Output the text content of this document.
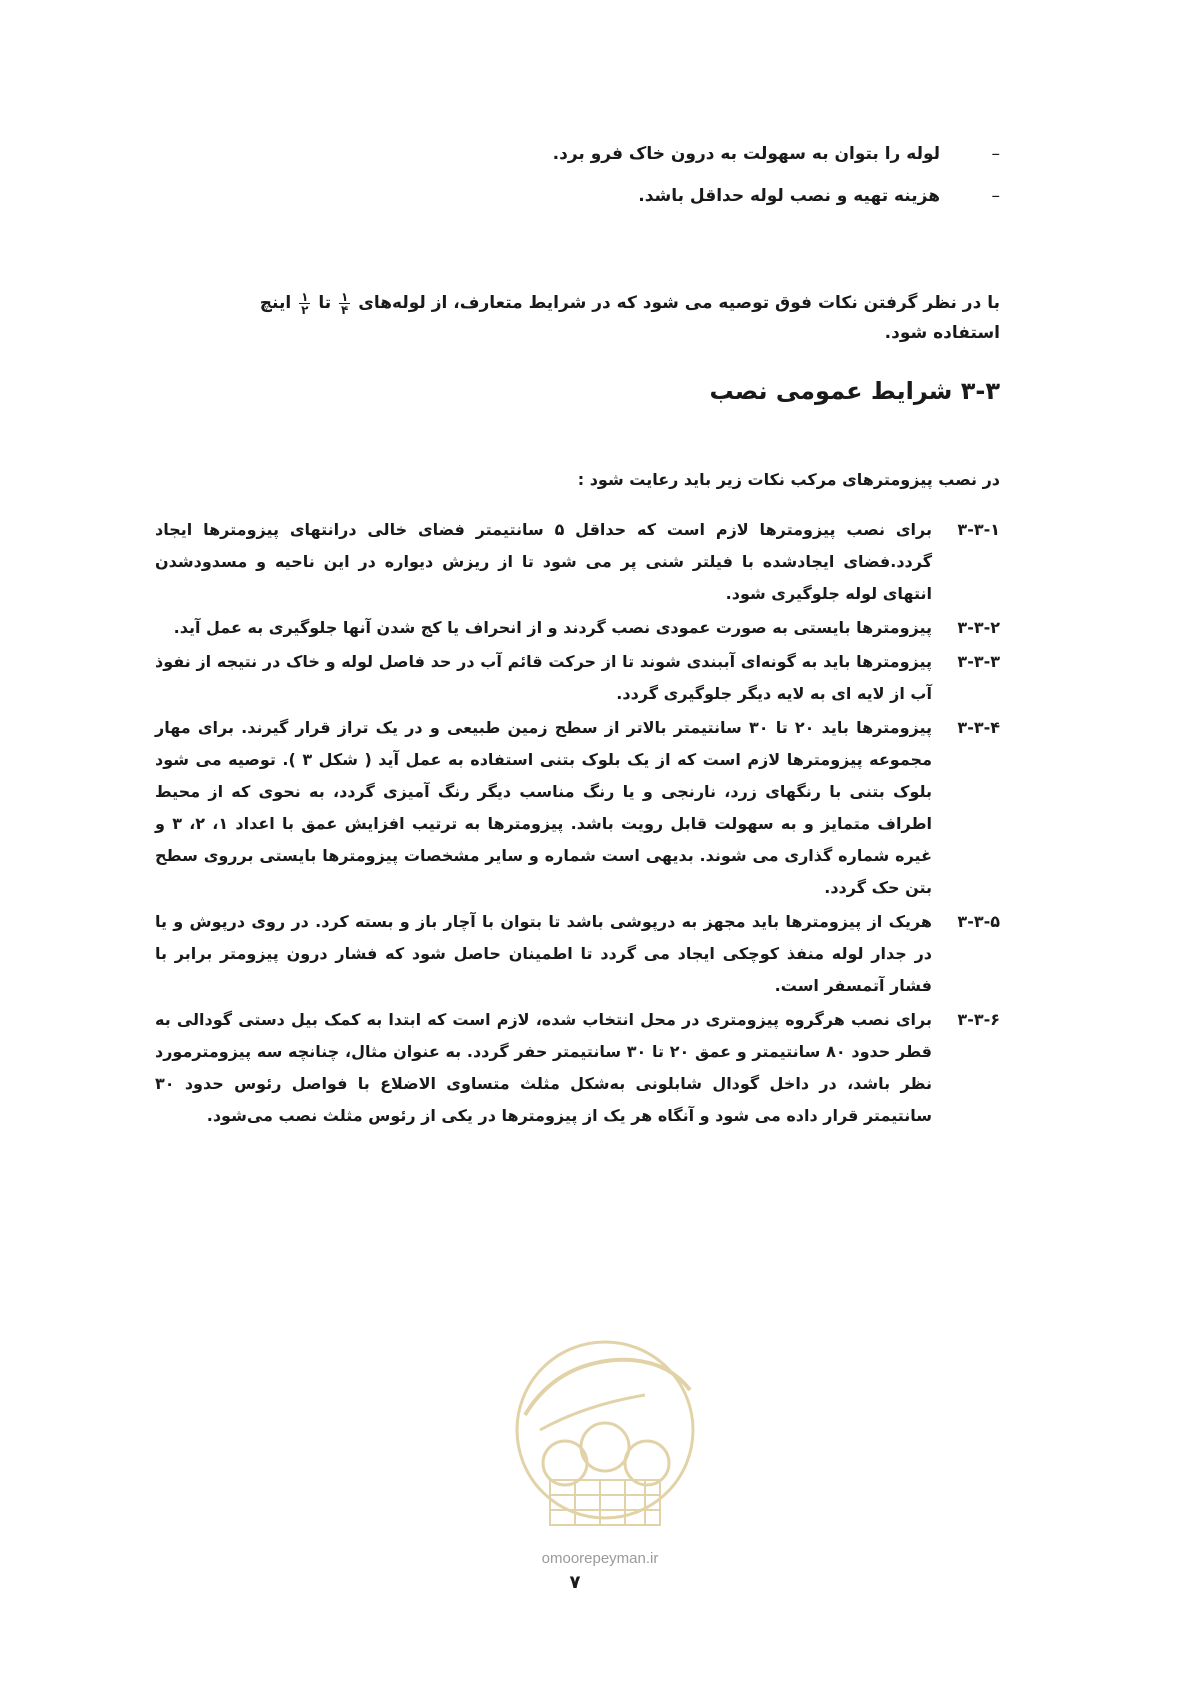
–
لوله را بتوان به سهولت به درون خاک فرو برد.
–
هزینه تهیه و نصب لوله حداقل باشد.
با در نظر گرفتن نکات فوق توصیه می شود که در شرایط متعارف، از لوله‌های
$\frac{۱}{۴}$
تا
$\frac{۱}{۲}$
اینچ استفاده شود.
۳-۳ شرایط عمومی نصب
در نصب پیزومترهای مرکب نکات زیر باید رعایت شود :
۳-۳-۱
برای نصب پیزومترها لازم است که حداقل ۵ سانتیمتر فضای خالی درانتهای پیزومترها ایجاد گردد.فضای ایجاد‌شده با فیلتر شنی پر می شود تا از ریزش دیواره در این ناحیه و مسدودشدن انتهای لوله جلوگیری شود.
۳-۳-۲
پیزومترها بایستی به صورت عمودی نصب گردند و از انحراف یا کج شدن آنها جلوگیری به عمل آید.
۳-۳-۳
پیزومترها باید به گونه‌ای آببندی شوند تا از حرکت قائم آب در حد فاصل لوله و خاک در نتیجه از نفوذ آب از لایه ای به لایه دیگر جلوگیری گردد.
۳-۳-۴
پیزومترها باید ۲۰ تا ۳۰ سانتیمتر بالاتر از سطح زمین طبیعی و در یک تراز قرار گیرند. برای مهار مجموعه پیزومترها لازم است که از یک بلوک بتنی استفاده به عمل آید ( شکل ۳ ). توصیه می شود بلوک بتنی با رنگهای زرد، نارنجی و یا رنگ مناسب دیگر رنگ آمیزی گردد، به نحوی که از محیط اطراف متمایز و به سهولت قابل رویت باشد. پیزومترها به ترتیب افزایش عمق با اعداد ۱، ۲، ۳ و غیره شماره گذاری می شوند. بدیهی است شماره و سایر مشخصات پیزومترها بایستی برروی سطح بتن حک گردد.
۳-۳-۵
هریک از پیزومترها باید مجهز به درپوشی باشد تا بتوان با آچار باز و بسته کرد. در روی درپوش و یا در جدار لوله منفذ کوچکی ایجاد می گردد تا اطمینان حاصل شود که فشار درون پیزومتر برابر با فشار آتمسفر است.
۳-۳-۶
برای نصب هرگروه پیزومتری در محل انتخاب شده، لازم است که ابتدا به کمک بیل دستی گودالی به قطر حدود ۸۰ سانتیمتر و عمق ۲۰ تا ۳۰ سانتیمتر حفر گردد. به عنوان مثال، چنانچه سه پیزومترمورد نظر باشد، در داخل گودال شابلونی به‌شکل مثلث متساوی الاضلاع با فواصل رئوس حدود ۳۰ سانتیمتر قرار داده می شود و آنگاه هر یک از پیزومترها در یکی از رئوس مثلث نصب می‌شود.
omoorepeyman.ir
۷
